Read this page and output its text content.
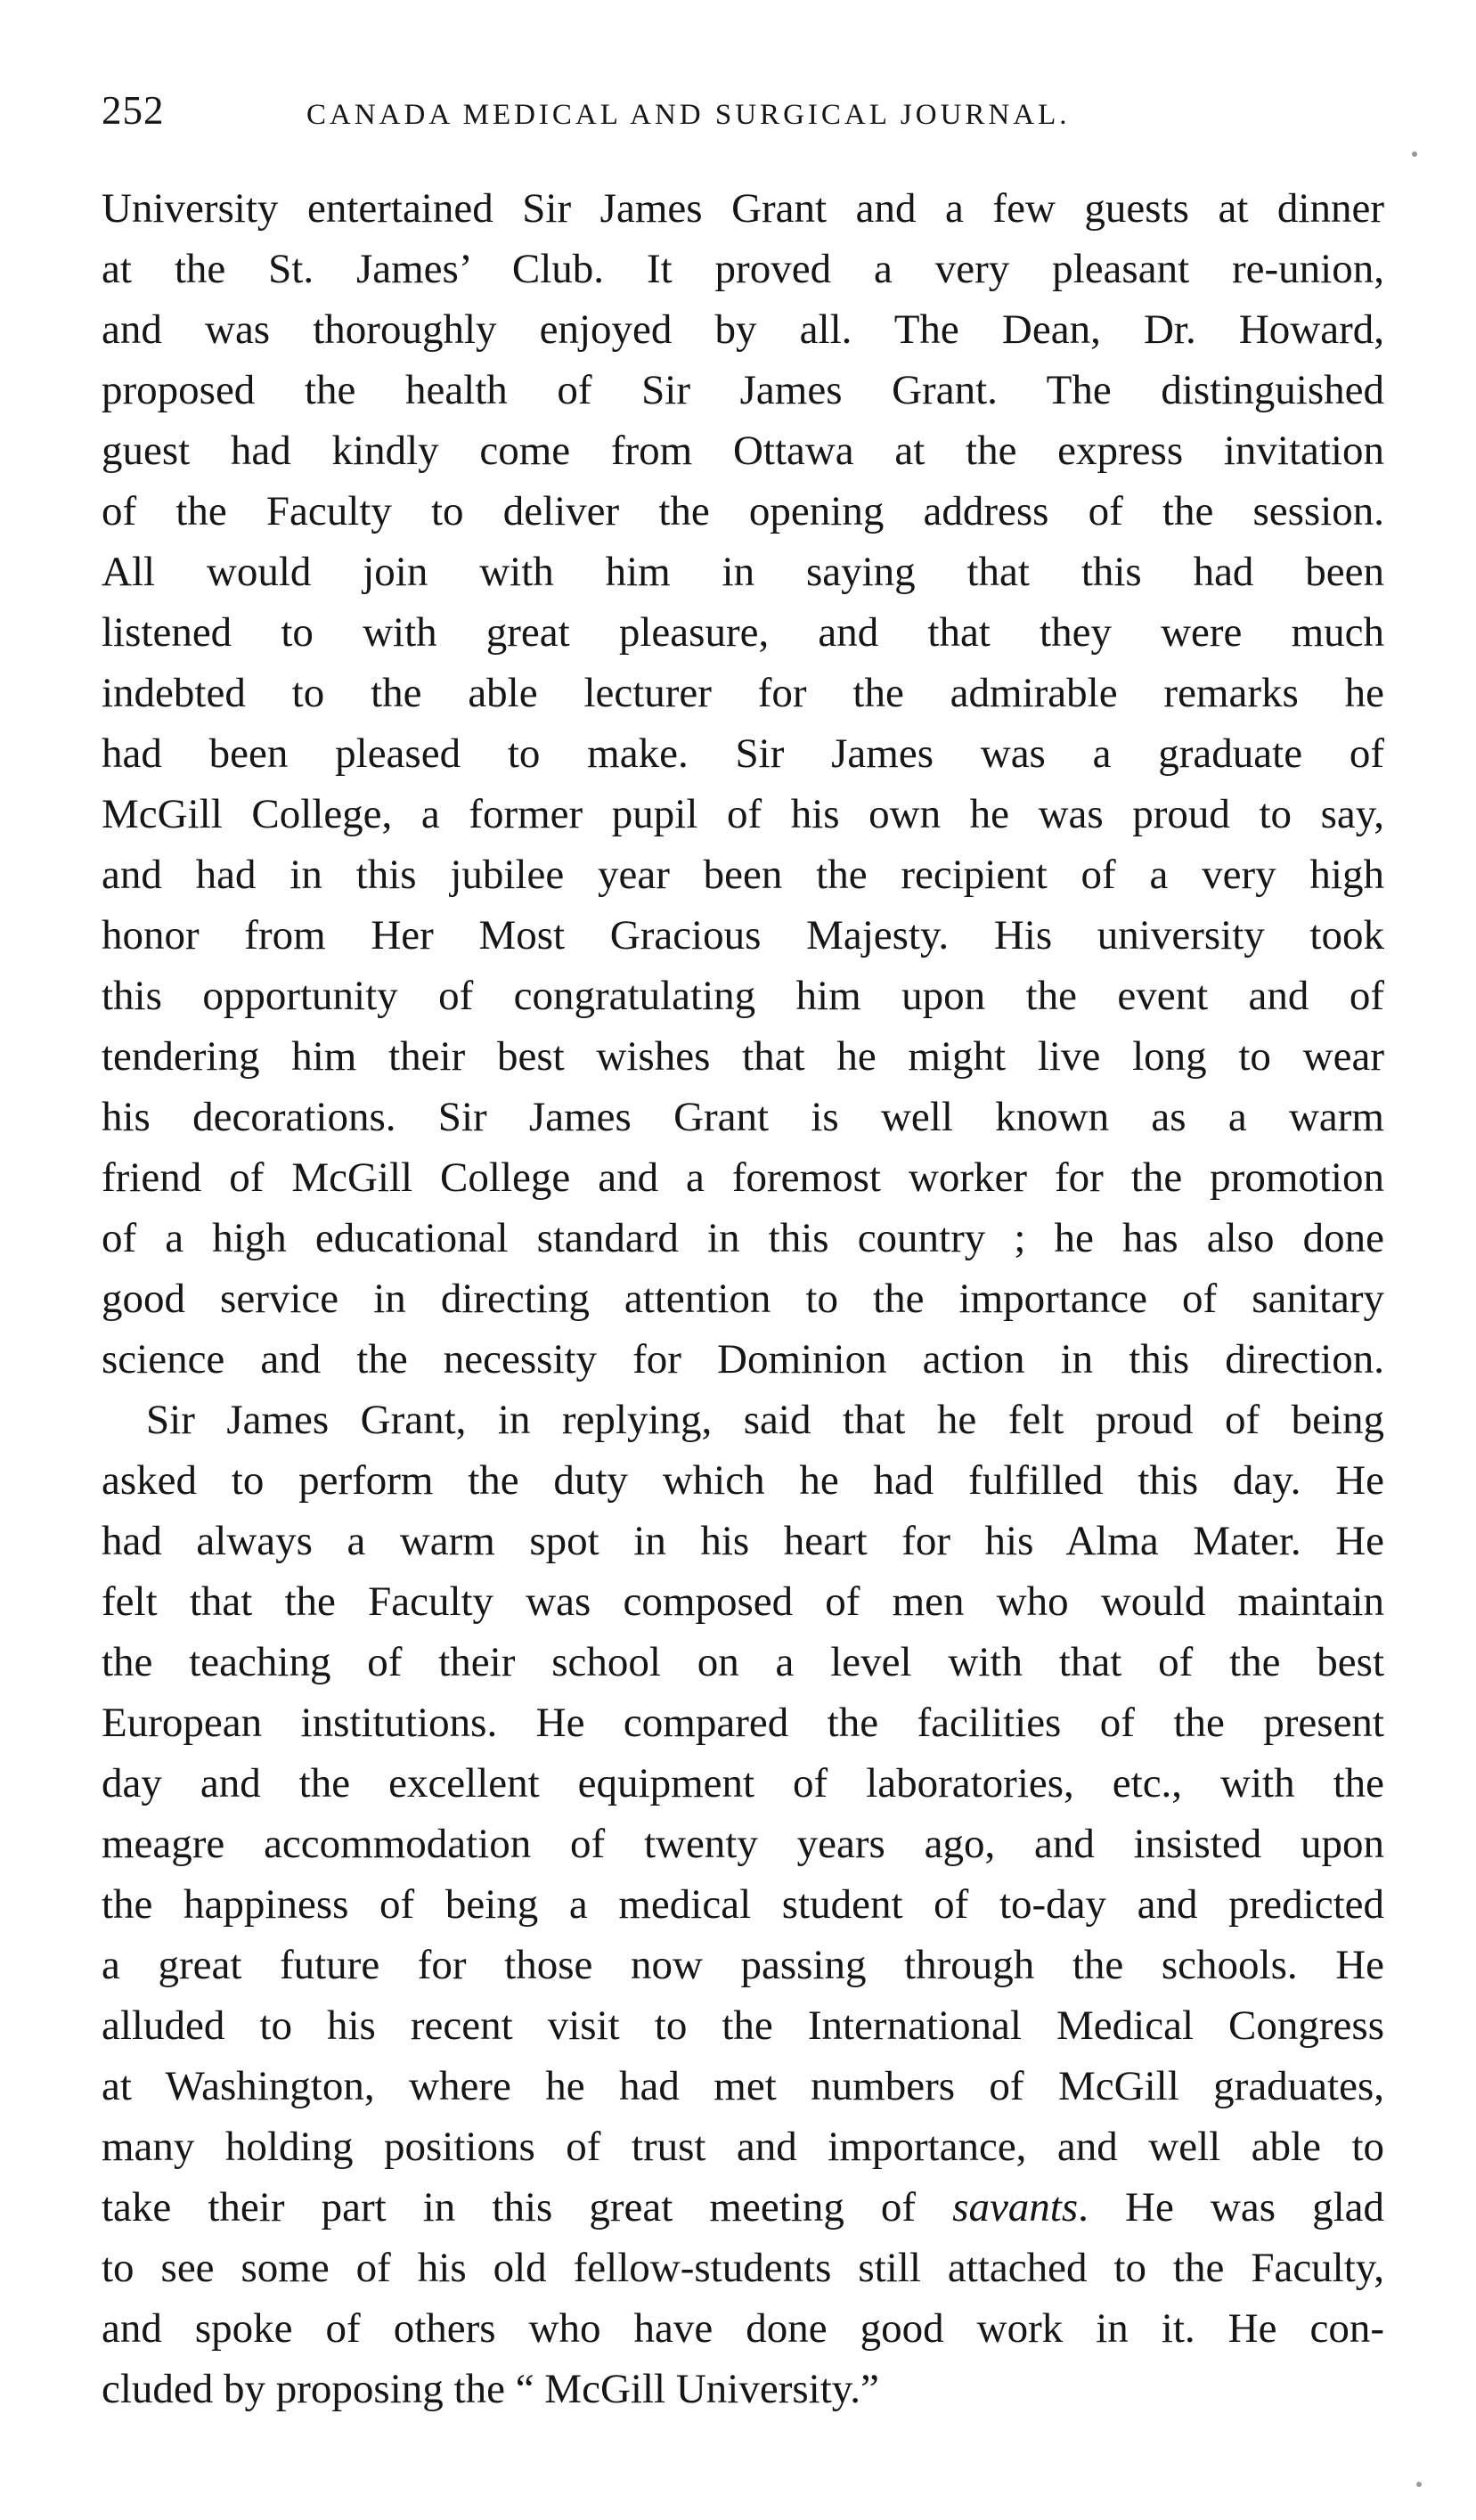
252	CANADA MEDICAL AND SURGICAL JOURNAL.
University entertained Sir James Grant and a few guests at dinner
at the St. James’ Club. It proved a very pleasant re-union,
and was thoroughly enjoyed by all. The Dean, Dr. Howard,
proposed the health of Sir James Grant. The distinguished
guest had kindly come from Ottawa at the express invitation
of the Faculty to deliver the opening address of the session.
All would join with him in saying that this had been
listened to with great pleasure, and that they were much
indebted to the able lecturer for the admirable remarks he
had been pleased to make. Sir James was a graduate of
McGill College, a former pupil of his own he was proud to say,
and had in this jubilee year been the recipient of a very high
honor from Her Most Gracious Majesty. His university took
this opportunity of congratulating him upon the event and of
tendering him their best wishes that he might live long to wear
his decorations. Sir James Grant is well known as a warm
friend of McGill College and a foremost worker for the promotion
of a high educational standard in this country ; he has also done
good service in directing attention to the importance of sanitary
science and the necessity for Dominion action in this direction.
Sir James Grant, in replying, said that he felt proud of being
asked to perform the duty which he had fulfilled this day. He
had always a warm spot in his heart for his Alma Mater. He
felt that the Faculty was composed of men who would maintain
the teaching of their school on a level with that of the best
European institutions. He compared the facilities of the present
day and the excellent equipment of laboratories, etc., with the
meagre accommodation of twenty years ago, and insisted upon
the happiness of being a medical student of to-day and predicted
a great future for those now passing through the schools. He
alluded to his recent visit to the International Medical Congress
at Washington, where he had met numbers of McGill graduates,
many holding positions of trust and importance, and well able to
take their part in this great meeting of savants. He was glad
to see some of his old fellow-students still attached to the Faculty,
and spoke of others who have done good work in it. He con-
cluded by proposing the “ McGill University.”
